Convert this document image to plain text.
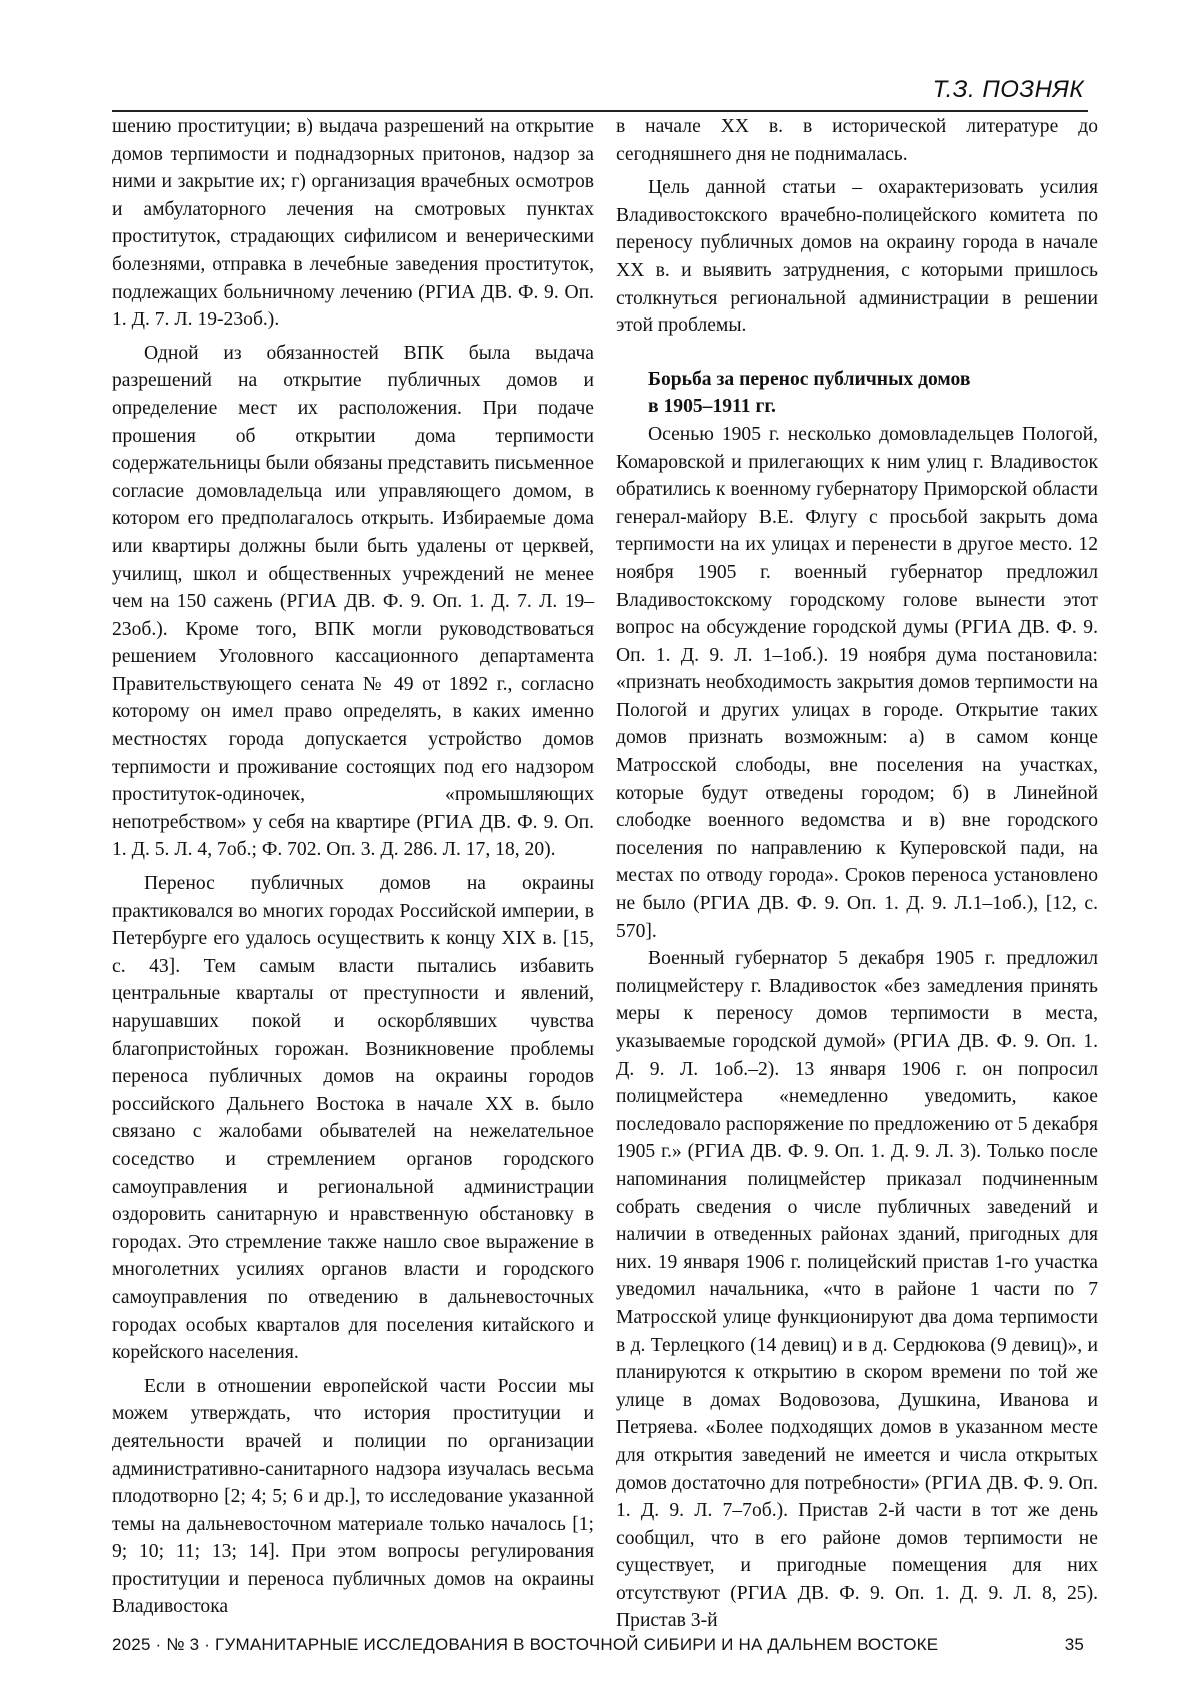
Т.З. ПОЗНЯК

шению проституции; в) выдача разрешений на открытие домов терпимости и поднадзорных притонов, надзор за ними и закрытие их; г) организация врачебных осмотров и амбулаторного лечения на смотровых пунктах проституток, страдающих сифилисом и венерическими болезнями, отправка в лечебные заведения проституток, подлежащих больничному лечению (РГИА ДВ. Ф. 9. Оп. 1. Д. 7. Л. 19-23об.).

Одной из обязанностей ВПК была выдача разрешений на открытие публичных домов и определение мест их расположения. При подаче прошения об открытии дома терпимости содержательницы были обязаны представить письменное согласие домовладельца или управляющего домом, в котором его предполагалось открыть. Избираемые дома или квартиры должны были быть удалены от церквей, училищ, школ и общественных учреждений не менее чем на 150 сажень (РГИА ДВ. Ф. 9. Оп. 1. Д. 7. Л. 19–23об.). Кроме того, ВПК могли руководствоваться решением Уголовного кассационного департамента Правительствующего сената № 49 от 1892 г., согласно которому он имел право определять, в каких именно местностях города допускается устройство домов терпимости и проживание состоящих под его надзором проституток-одиночек, «промышляющих непотребством» у себя на квартире (РГИА ДВ. Ф. 9. Оп. 1. Д. 5. Л. 4, 7об.; Ф. 702. Оп. 3. Д. 286. Л. 17, 18, 20).

Перенос публичных домов на окраины практиковался во многих городах Российской империи, в Петербурге его удалось осуществить к концу XIX в. [15, с. 43]. Тем самым власти пытались избавить центральные кварталы от преступности и явлений, нарушавших покой и оскорблявших чувства благопристойных горожан. Возникновение проблемы переноса публичных домов на окраины городов российского Дальнего Востока в начале XX в. было связано с жалобами обывателей на нежелательное соседство и стремлением органов городского самоуправления и региональной администрации оздоровить санитарную и нравственную обстановку в городах. Это стремление также нашло свое выражение в многолетних усилиях органов власти и городского самоуправления по отведению в дальневосточных городах особых кварталов для поселения китайского и корейского населения.

Если в отношении европейской части России мы можем утверждать, что история проституции и деятельности врачей и полиции по организации административно-санитарного надзора изучалась весьма плодотворно [2; 4; 5; 6 и др.], то исследование указанной темы на дальневосточном материале только началось [1; 9; 10; 11; 13; 14]. При этом вопросы регулирования проституции и переноса публичных домов на окраины Владивостока

в начале XX в. в исторической литературе до сегодняшнего дня не поднималась.

Цель данной статьи – охарактеризовать усилия Владивостокского врачебно-полицейского комитета по переносу публичных домов на окраину города в начале XX в. и выявить затруднения, с которыми пришлось столкнуться региональной администрации в решении этой проблемы.

Борьба за перенос публичных домов
в 1905–1911 гг.

Осенью 1905 г. несколько домовладельцев Пологой, Комаровской и прилегающих к ним улиц г. Владивосток обратились к военному губернатору Приморской области генерал-майору В.Е. Флугу с просьбой закрыть дома терпимости на их улицах и перенести в другое место. 12 ноября 1905 г. военный губернатор предложил Владивостокскому городскому голове вынести этот вопрос на обсуждение городской думы (РГИА ДВ. Ф. 9. Оп. 1. Д. 9. Л. 1–1об.). 19 ноября дума постановила: «признать необходимость закрытия домов терпимости на Пологой и других улицах в городе. Открытие таких домов признать возможным: а) в самом конце Матросской слободы, вне поселения на участках, которые будут отведены городом; б) в Линейной слободке военного ведомства и в) вне городского поселения по направлению к Куперовской пади, на местах по отводу города». Сроков переноса установлено не было (РГИА ДВ. Ф. 9. Оп. 1. Д. 9. Л.1–1об.), [12, с. 570].

Военный губернатор 5 декабря 1905 г. предложил полицмейстеру г. Владивосток «без замедления принять меры к переносу домов терпимости в места, указываемые городской думой» (РГИА ДВ. Ф. 9. Оп. 1. Д. 9. Л. 1об.–2). 13 января 1906 г. он попросил полицмейстера «немедленно уведомить, какое последовало распоряжение по предложению от 5 декабря 1905 г.» (РГИА ДВ. Ф. 9. Оп. 1. Д. 9. Л. 3). Только после напоминания полицмейстер приказал подчиненным собрать сведения о числе публичных заведений и наличии в отведенных районах зданий, пригодных для них. 19 января 1906 г. полицейский пристав 1-го участка уведомил начальника, «что в районе 1 части по 7 Матросской улице функционируют два дома терпимости в д. Терлецкого (14 девиц) и в д. Сердюкова (9 девиц)», и планируются к открытию в скором времени по той же улице в домах Водовозова, Душкина, Иванова и Петряева. «Более подходящих домов в указанном месте для открытия заведений не имеется и числа открытых домов достаточно для потребности» (РГИА ДВ. Ф. 9. Оп. 1. Д. 9. Л. 7–7об.). Пристав 2-й части в тот же день сообщил, что в его районе домов терпимости не существует, и пригодные помещения для них отсутствуют (РГИА ДВ. Ф. 9. Оп. 1. Д. 9. Л. 8, 25). Пристав 3-й

2025 · № 3 · ГУМАНИТАРНЫЕ ИССЛЕДОВАНИЯ В ВОСТОЧНОЙ СИБИРИ И НА ДАЛЬНЕМ ВОСТОКЕ	35
